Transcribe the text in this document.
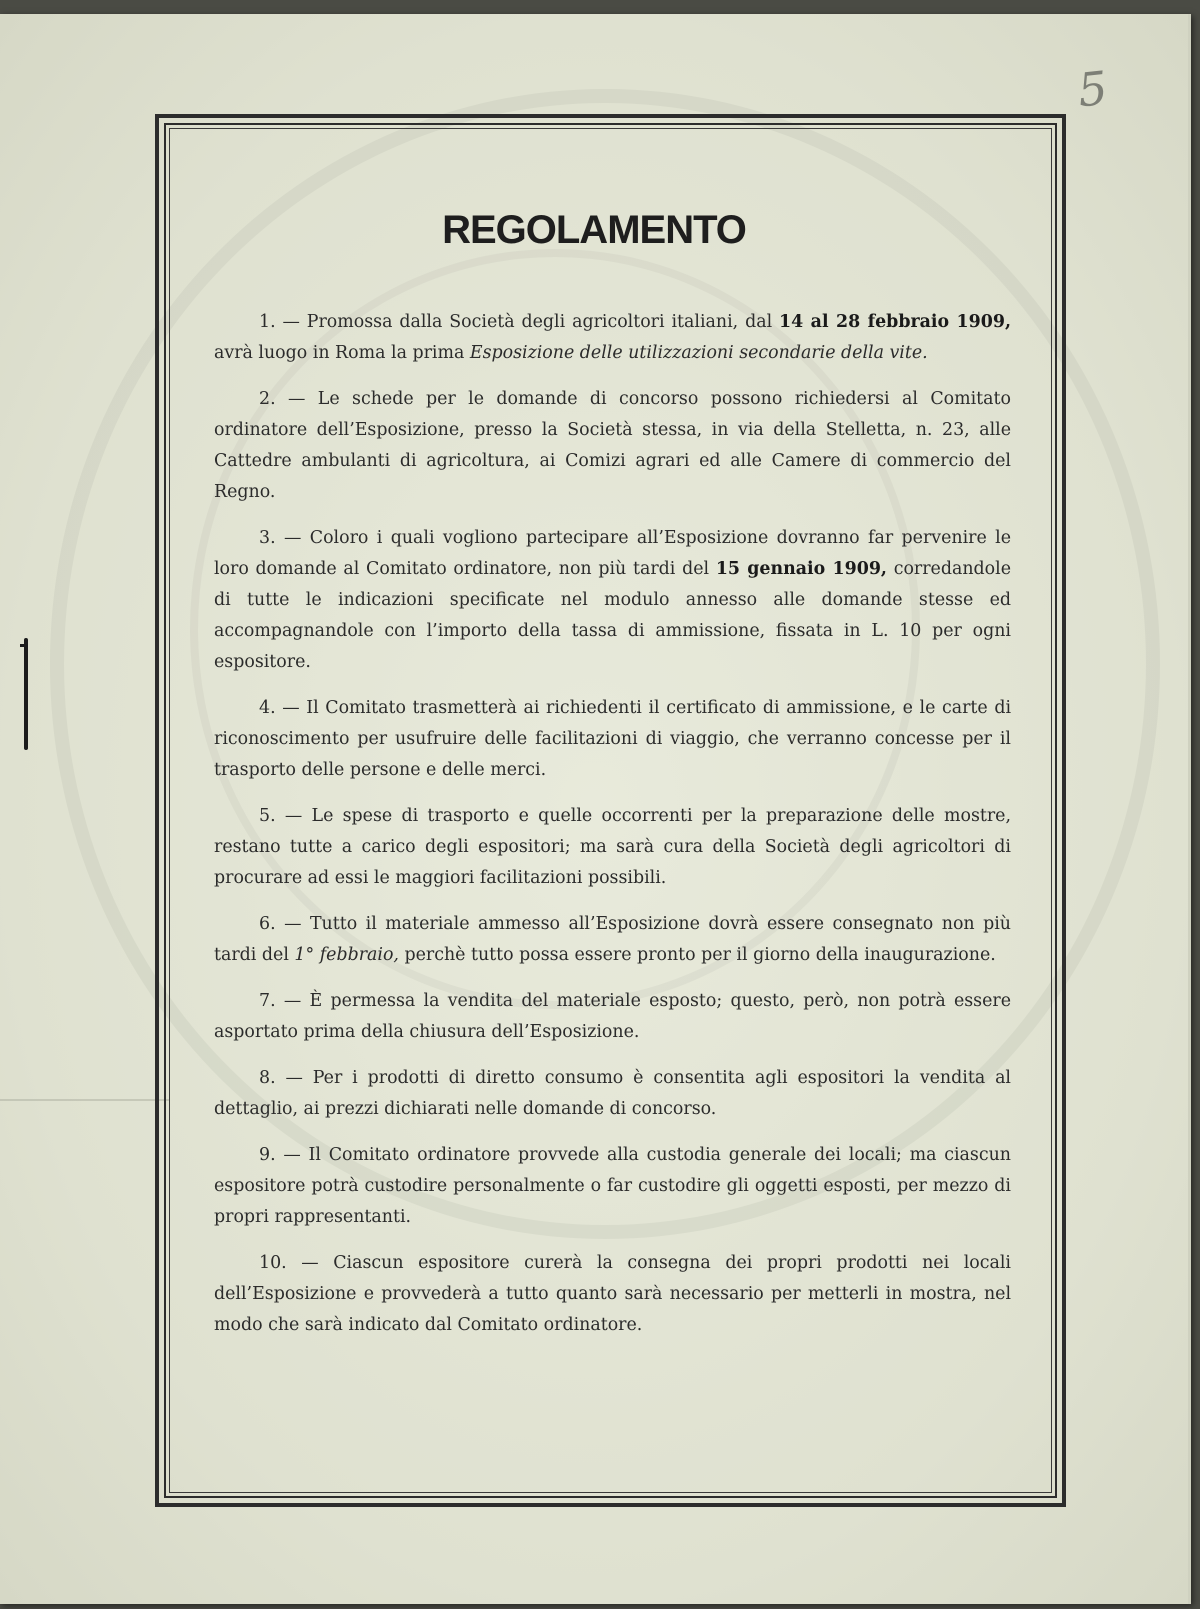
5
REGOLAMENTO

1. — Promossa dalla Società degli agricoltori italiani, dal 14 al 28 febbraio 1909, avrà luogo in Roma la prima Esposizione delle utilizzazioni secondarie della vite.

2. — Le schede per le domande di concorso possono richiedersi al Comitato ordinatore dell’Esposizione, presso la Società stessa, in via della Stelletta, n. 23, alle Cattedre ambulanti di agricoltura, ai Comizi agrari ed alle Camere di commercio del Regno.

3. — Coloro i quali vogliono partecipare all’Esposizione dovranno far pervenire le loro domande al Comitato ordinatore, non più tardi del 15 gennaio 1909, corredandole di tutte le indicazioni specificate nel modulo annesso alle domande stesse ed accompagnandole con l’importo della tassa di ammissione, fissata in L. 10 per ogni espositore.

4. — Il Comitato trasmetterà ai richiedenti il certificato di ammissione, e le carte di riconoscimento per usufruire delle facilitazioni di viaggio, che verranno concesse per il trasporto delle persone e delle merci.

5. — Le spese di trasporto e quelle occorrenti per la preparazione delle mostre, restano tutte a carico degli espositori; ma sarà cura della Società degli agricoltori di procurare ad essi le maggiori facilitazioni possibili.

6. — Tutto il materiale ammesso all’Esposizione dovrà essere consegnato non più tardi del 1° febbraio, perchè tutto possa essere pronto per il giorno della inaugurazione.

7. — È permessa la vendita del materiale esposto; questo, però, non potrà essere asportato prima della chiusura dell’Esposizione.

8. — Per i prodotti di diretto consumo è consentita agli espositori la vendita al dettaglio, ai prezzi dichiarati nelle domande di concorso.

9. — Il Comitato ordinatore provvede alla custodia generale dei locali; ma ciascun espositore potrà custodire personalmente o far custodire gli oggetti esposti, per mezzo di propri rappresentanti.

10. — Ciascun espositore curerà la consegna dei propri prodotti nei locali dell’Esposizione e provvederà a tutto quanto sarà necessario per metterli in mostra, nel modo che sarà indicato dal Comitato ordinatore.
